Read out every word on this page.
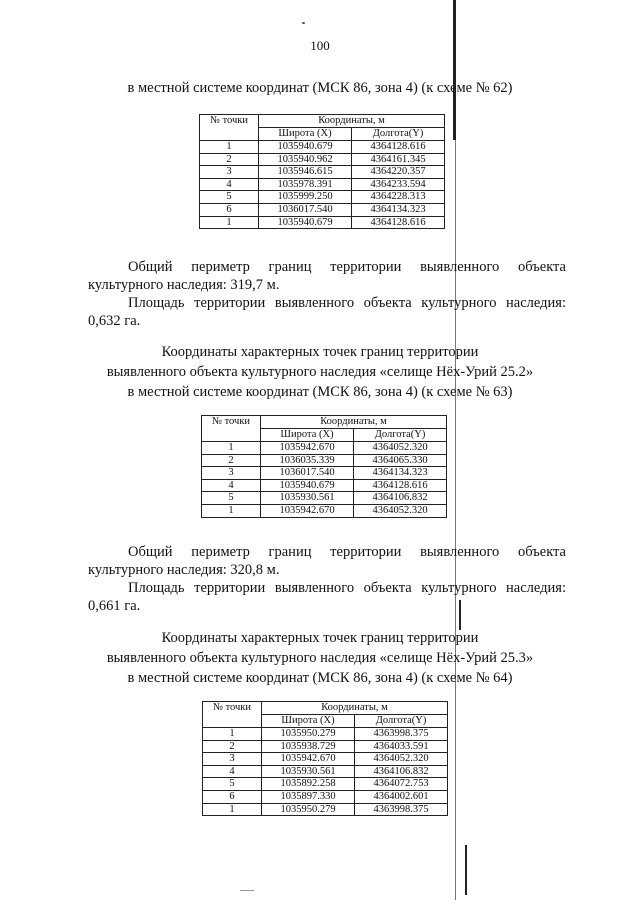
100
в местной системе координат (МСК 86, зона 4) (к схеме № 62)
№ точки	Координаты, м	
	Широта (X)	Долгота(Y)
1	1035940.679	4364128.616
2	1035940.962	4364161.345
3	1035946.615	4364220.357
4	1035978.391	4364233.594
5	1035999.250	4364228.313
6	1036017.540	4364134.323
1	1035940.679	4364128.616
Общий периметр границ территории выявленного объекта
культурного наследия: 319,7 м.
Площадь территории выявленного объекта культурного наследия:
0,632 га.
Координаты характерных точек границ территории
выявленного объекта культурного наследия «селище Нёх-Урий 25.2»
в местной системе координат (МСК 86, зона 4) (к схеме № 63)
№ точки	Координаты, м	
	Широта (X)	Долгота(Y)
1	1035942.670	4364052.320
2	1036035.339	4364065.330
3	1036017.540	4364134.323
4	1035940.679	4364128.616
5	1035930.561	4364106.832
1	1035942.670	4364052.320
Общий периметр границ территории выявленного объекта
культурного наследия: 320,8 м.
Площадь территории выявленного объекта культурного наследия:
0,661 га.
Координаты характерных точек границ территории
выявленного объекта культурного наследия «селище Нёх-Урий 25.3»
в местной системе координат (МСК 86, зона 4) (к схеме № 64)
№ точки	Координаты, м	
	Широта (X)	Долгота(Y)
1	1035950.279	4363998.375
2	1035938.729	4364033.591
3	1035942.670	4364052.320
4	1035930.561	4364106.832
5	1035892.258	4364072.753
6	1035897.330	4364002.601
1	1035950.279	4363998.375
